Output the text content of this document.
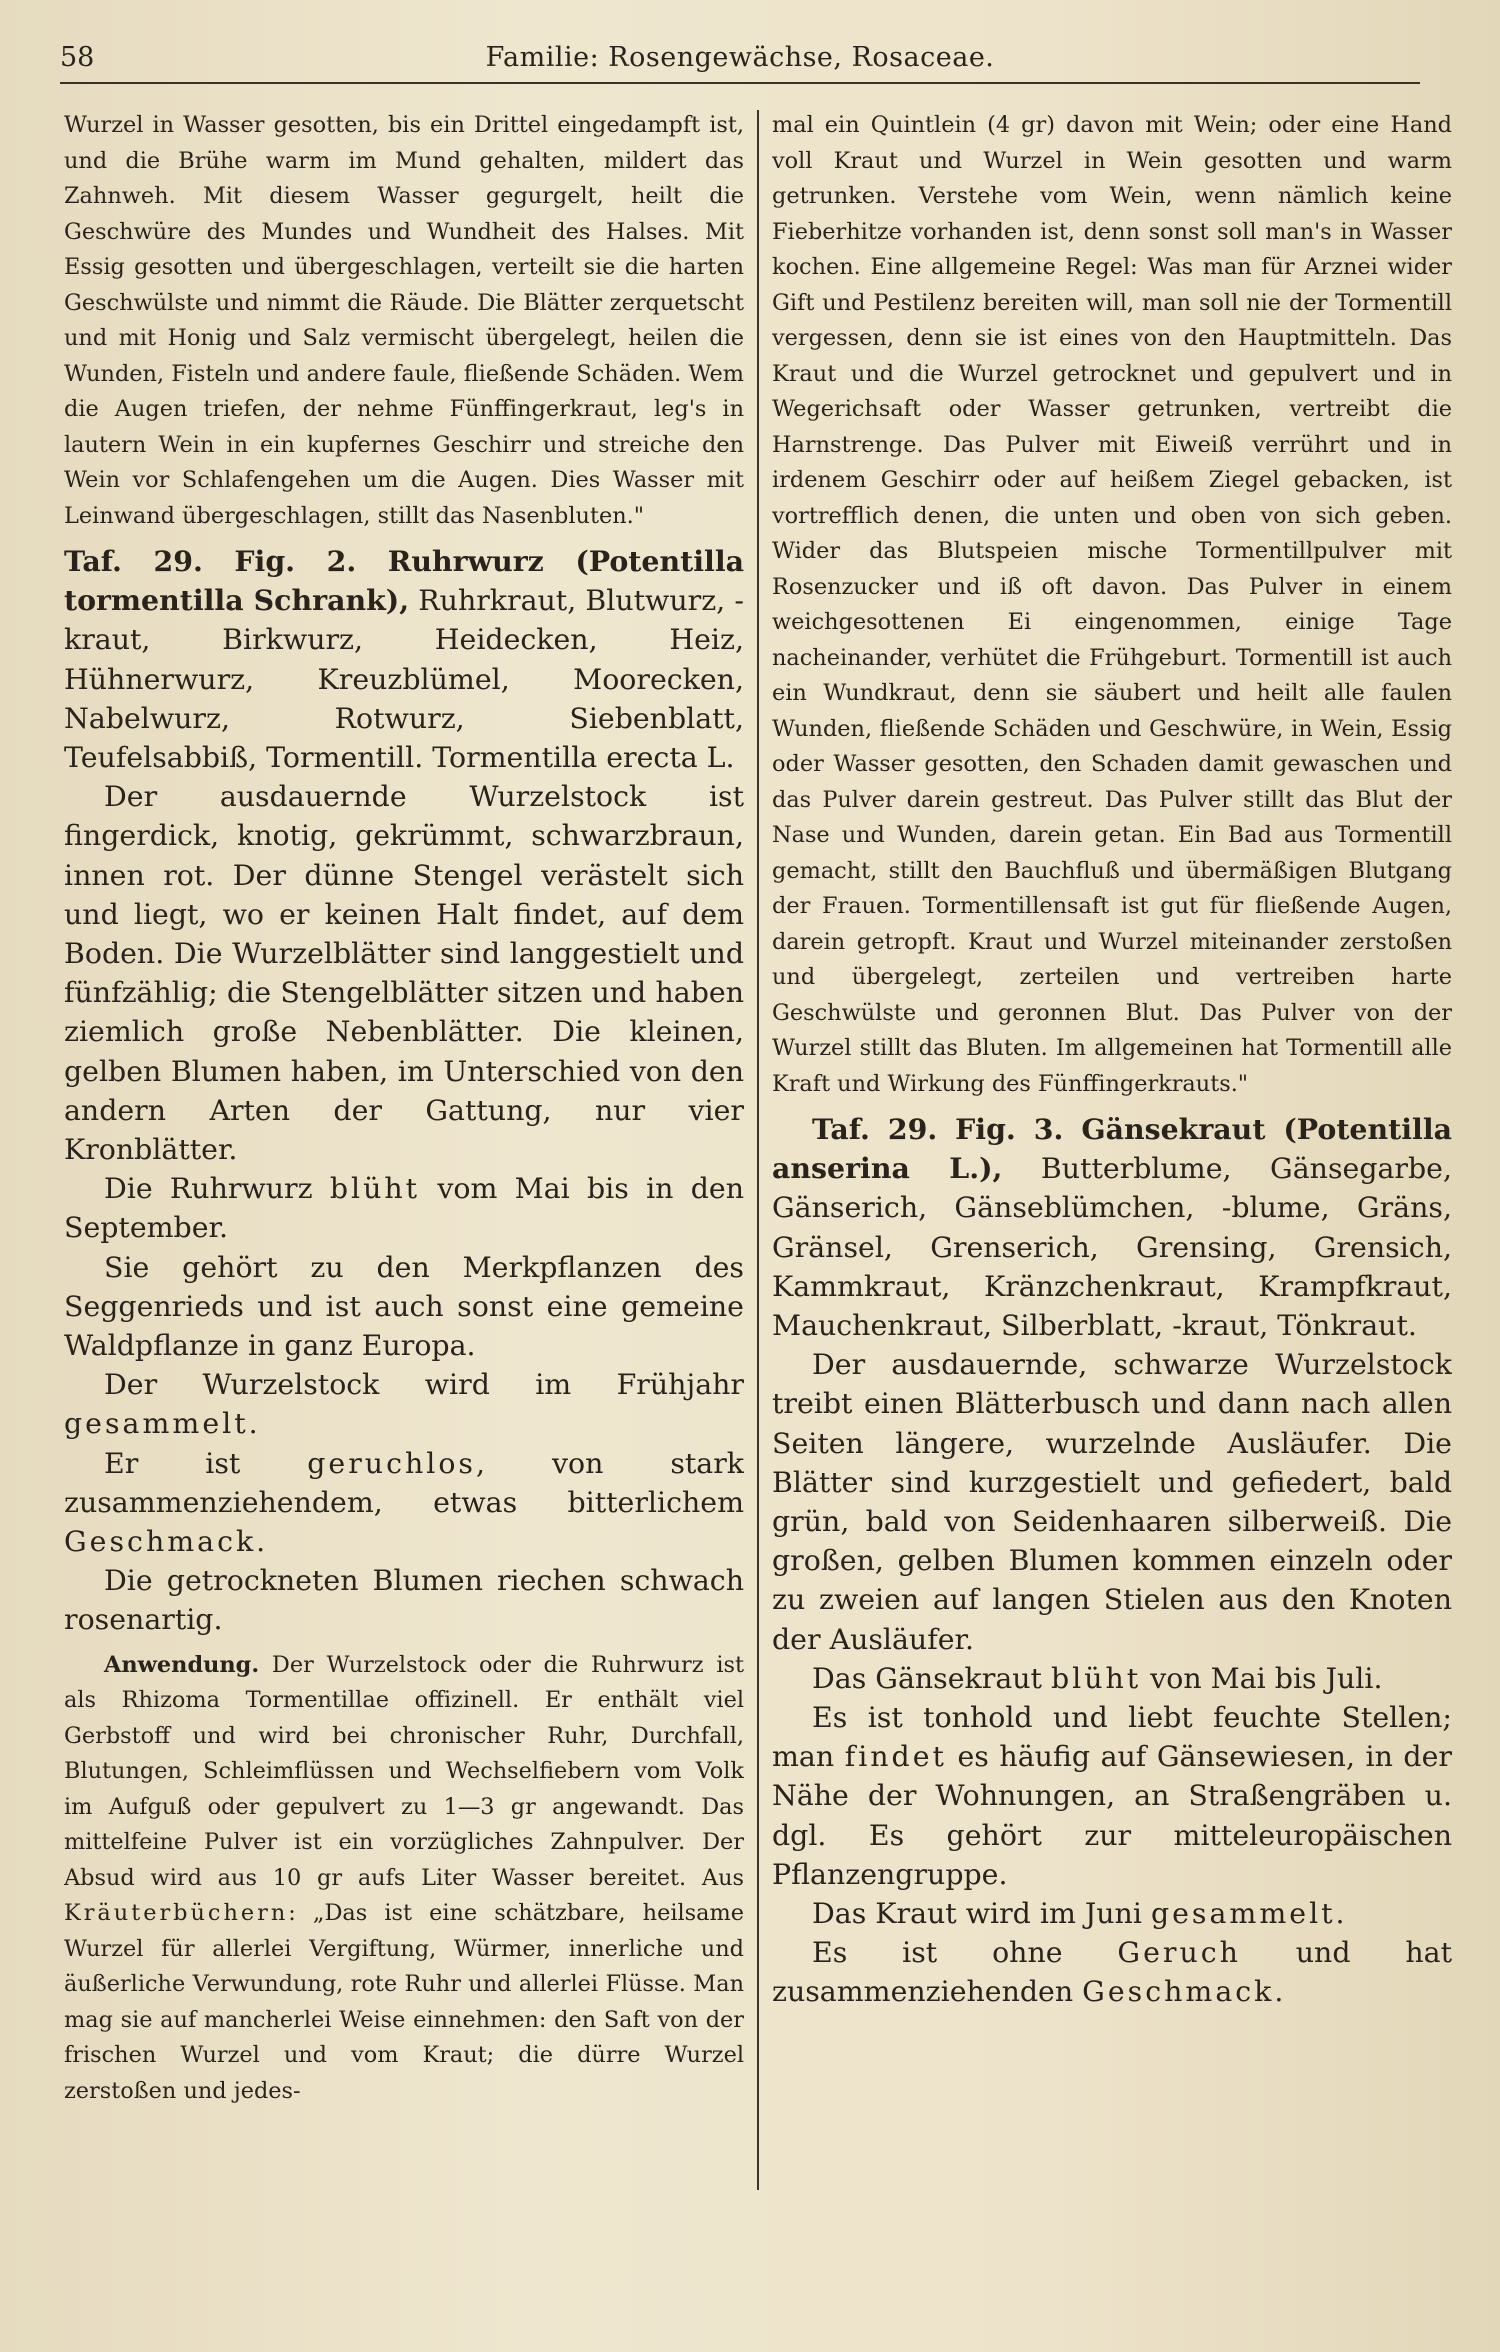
58	Familie: Rosengewächse, Rosaceae.

Wurzel in Wasser gesotten, bis ein Drittel eingedampft ist, und die Brühe warm im Mund gehalten, mildert das Zahnweh. Mit diesem Wasser gegurgelt, heilt die Geschwüre des Mundes und Wundheit des Halses. Mit Essig gesotten und übergeschlagen, verteilt sie die harten Geschwülste und nimmt die Räude. Die Blätter zerquetscht und mit Honig und Salz vermischt übergelegt, heilen die Wunden, Fisteln und andere faule, fließende Schäden. Wem die Augen triefen, der nehme Fünffingerkraut, leg's in lautern Wein in ein kupfernes Geschirr und streiche den Wein vor Schlafengehen um die Augen. Dies Wasser mit Leinwand übergeschlagen, stillt das Nasenbluten."

Taf. 29. Fig. 2. Ruhrwurz (Potentilla tormentilla Schrank), Ruhrkraut, Blutwurz, -kraut, Birkwurz, Heidecken, Heiz, Hühnerwurz, Kreuzblümel, Moorecken, Nabelwurz, Rotwurz, Siebenblatt, Teufelsabbiß, Tormentill. Tormentilla erecta L.

Der ausdauernde Wurzelstock ist fingerdick, knotig, gekrümmt, schwarzbraun, innen rot. Der dünne Stengel verästelt sich und liegt, wo er keinen Halt findet, auf dem Boden. Die Wurzelblätter sind langgestielt und fünfzählig; die Stengelblätter sitzen und haben ziemlich große Nebenblätter. Die kleinen, gelben Blumen haben, im Unterschied von den andern Arten der Gattung, nur vier Kronblätter.

Die Ruhrwurz blüht vom Mai bis in den September.

Sie gehört zu den Merkpflanzen des Seggenrieds und ist auch sonst eine gemeine Waldpflanze in ganz Europa.

Der Wurzelstock wird im Frühjahr gesammelt.

Er ist geruchlos, von stark zusammenziehendem, etwas bitterlichem Geschmack.

Die getrockneten Blumen riechen schwach rosenartig.

Anwendung. Der Wurzelstock oder die Ruhrwurz ist als Rhizoma Tormentillae offizinell. Er enthält viel Gerbstoff und wird bei chronischer Ruhr, Durchfall, Blutungen, Schleimflüssen und Wechselfiebern vom Volk im Aufguß oder gepulvert zu 1—3 gr angewandt. Das mittelfeine Pulver ist ein vorzügliches Zahnpulver. Der Absud wird aus 10 gr aufs Liter Wasser bereitet. Aus Kräuterbüchern: „Das ist eine schätzbare, heilsame Wurzel für allerlei Vergiftung, Würmer, innerliche und äußerliche Verwundung, rote Ruhr und allerlei Flüsse. Man mag sie auf mancherlei Weise einnehmen: den Saft von der frischen Wurzel und vom Kraut; die dürre Wurzel zerstoßen und jedes-

mal ein Quintlein (4 gr) davon mit Wein; oder eine Hand voll Kraut und Wurzel in Wein gesotten und warm getrunken. Verstehe vom Wein, wenn nämlich keine Fieberhitze vorhanden ist, denn sonst soll man's in Wasser kochen. Eine allgemeine Regel: Was man für Arznei wider Gift und Pestilenz bereiten will, man soll nie der Tormentill vergessen, denn sie ist eines von den Hauptmitteln. Das Kraut und die Wurzel getrocknet und gepulvert und in Wegerichsaft oder Wasser getrunken, vertreibt die Harnstrenge. Das Pulver mit Eiweiß verrührt und in irdenem Geschirr oder auf heißem Ziegel gebacken, ist vortrefflich denen, die unten und oben von sich geben. Wider das Blutspeien mische Tormentillpulver mit Rosenzucker und iß oft davon. Das Pulver in einem weichgesottenen Ei eingenommen, einige Tage nacheinander, verhütet die Frühgeburt. Tormentill ist auch ein Wundkraut, denn sie säubert und heilt alle faulen Wunden, fließende Schäden und Geschwüre, in Wein, Essig oder Wasser gesotten, den Schaden damit gewaschen und das Pulver darein gestreut. Das Pulver stillt das Blut der Nase und Wunden, darein getan. Ein Bad aus Tormentill gemacht, stillt den Bauchfluß und übermäßigen Blutgang der Frauen. Tormentillensaft ist gut für fließende Augen, darein getropft. Kraut und Wurzel miteinander zerstoßen und übergelegt, zerteilen und vertreiben harte Geschwülste und geronnen Blut. Das Pulver von der Wurzel stillt das Bluten. Im allgemeinen hat Tormentill alle Kraft und Wirkung des Fünffingerkrauts."

Taf. 29. Fig. 3. Gänsekraut (Potentilla anserina L.), Butterblume, Gänsegarbe, Gänserich, Gänseblümchen, -blume, Gräns, Gränsel, Grenserich, Grensing, Grensich, Kammkraut, Kränzchenkraut, Krampfkraut, Mauchenkraut, Silberblatt, -kraut, Tönkraut.

Der ausdauernde, schwarze Wurzelstock treibt einen Blätterbusch und dann nach allen Seiten längere, wurzelnde Ausläufer. Die Blätter sind kurzgestielt und gefiedert, bald grün, bald von Seidenhaaren silberweiß. Die großen, gelben Blumen kommen einzeln oder zu zweien auf langen Stielen aus den Knoten der Ausläufer.

Das Gänsekraut blüht von Mai bis Juli.

Es ist tonhold und liebt feuchte Stellen; man findet es häufig auf Gänsewiesen, in der Nähe der Wohnungen, an Straßengräben u. dgl. Es gehört zur mitteleuropäischen Pflanzengruppe.

Das Kraut wird im Juni gesammelt.

Es ist ohne Geruch und hat zusammenziehenden Geschmack.
